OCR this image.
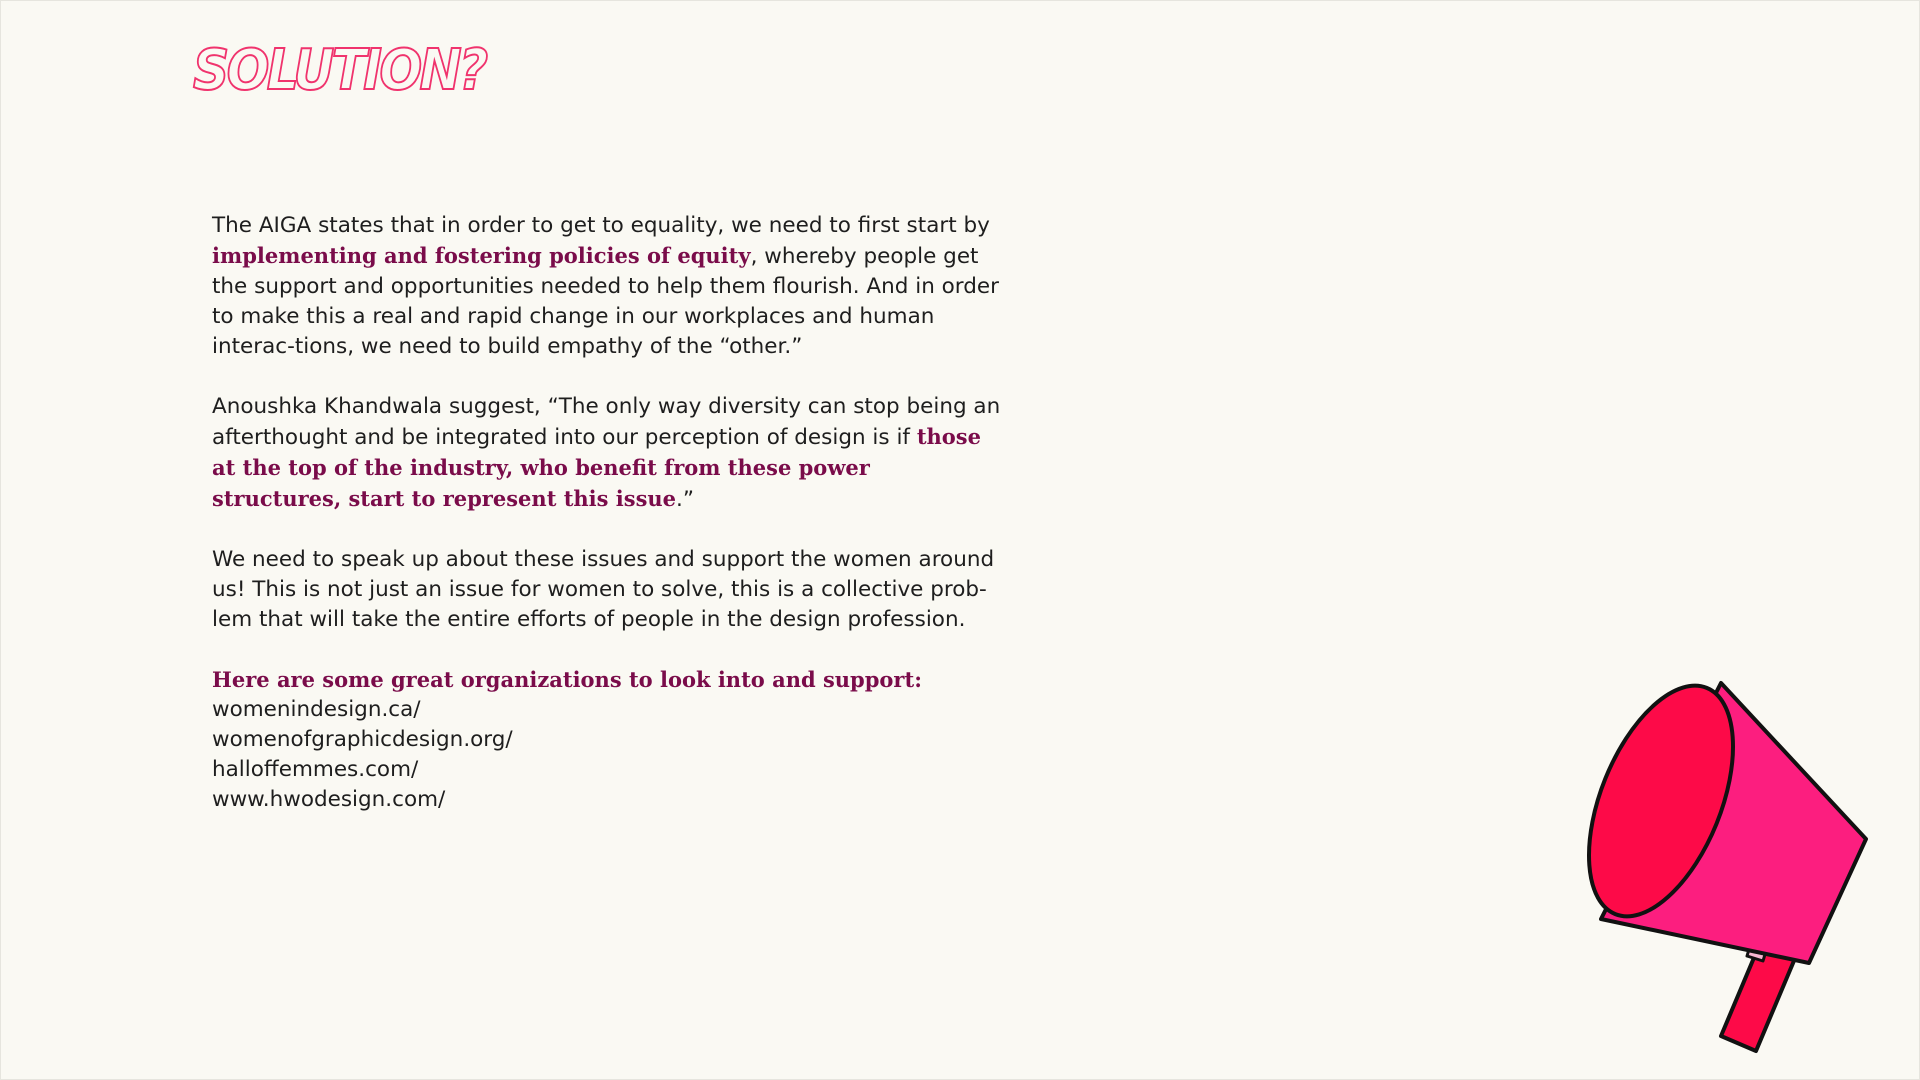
SOLUTION?

The AIGA states that in order to get to equality, we need to first start by implementing and fostering policies of equity, whereby people get the support and opportunities needed to help them flourish. And in order to make this a real and rapid change in our workplaces and human interac-tions, we need to build empathy of the “other.”

Anoushka Khandwala suggest, “The only way diversity can stop being an afterthought and be integrated into our perception of design is if those at the top of the industry, who benefit from these power structures, start to represent this issue.”

We need to speak up about these issues and support the women around us! This is not just an issue for women to solve, this is a collective prob-lem that will take the entire efforts of people in the design profession.

Here are some great organizations to look into and support:
womenindesign.ca/
womenofgraphicdesign.org/
halloffemmes.com/
www.hwodesign.com/
